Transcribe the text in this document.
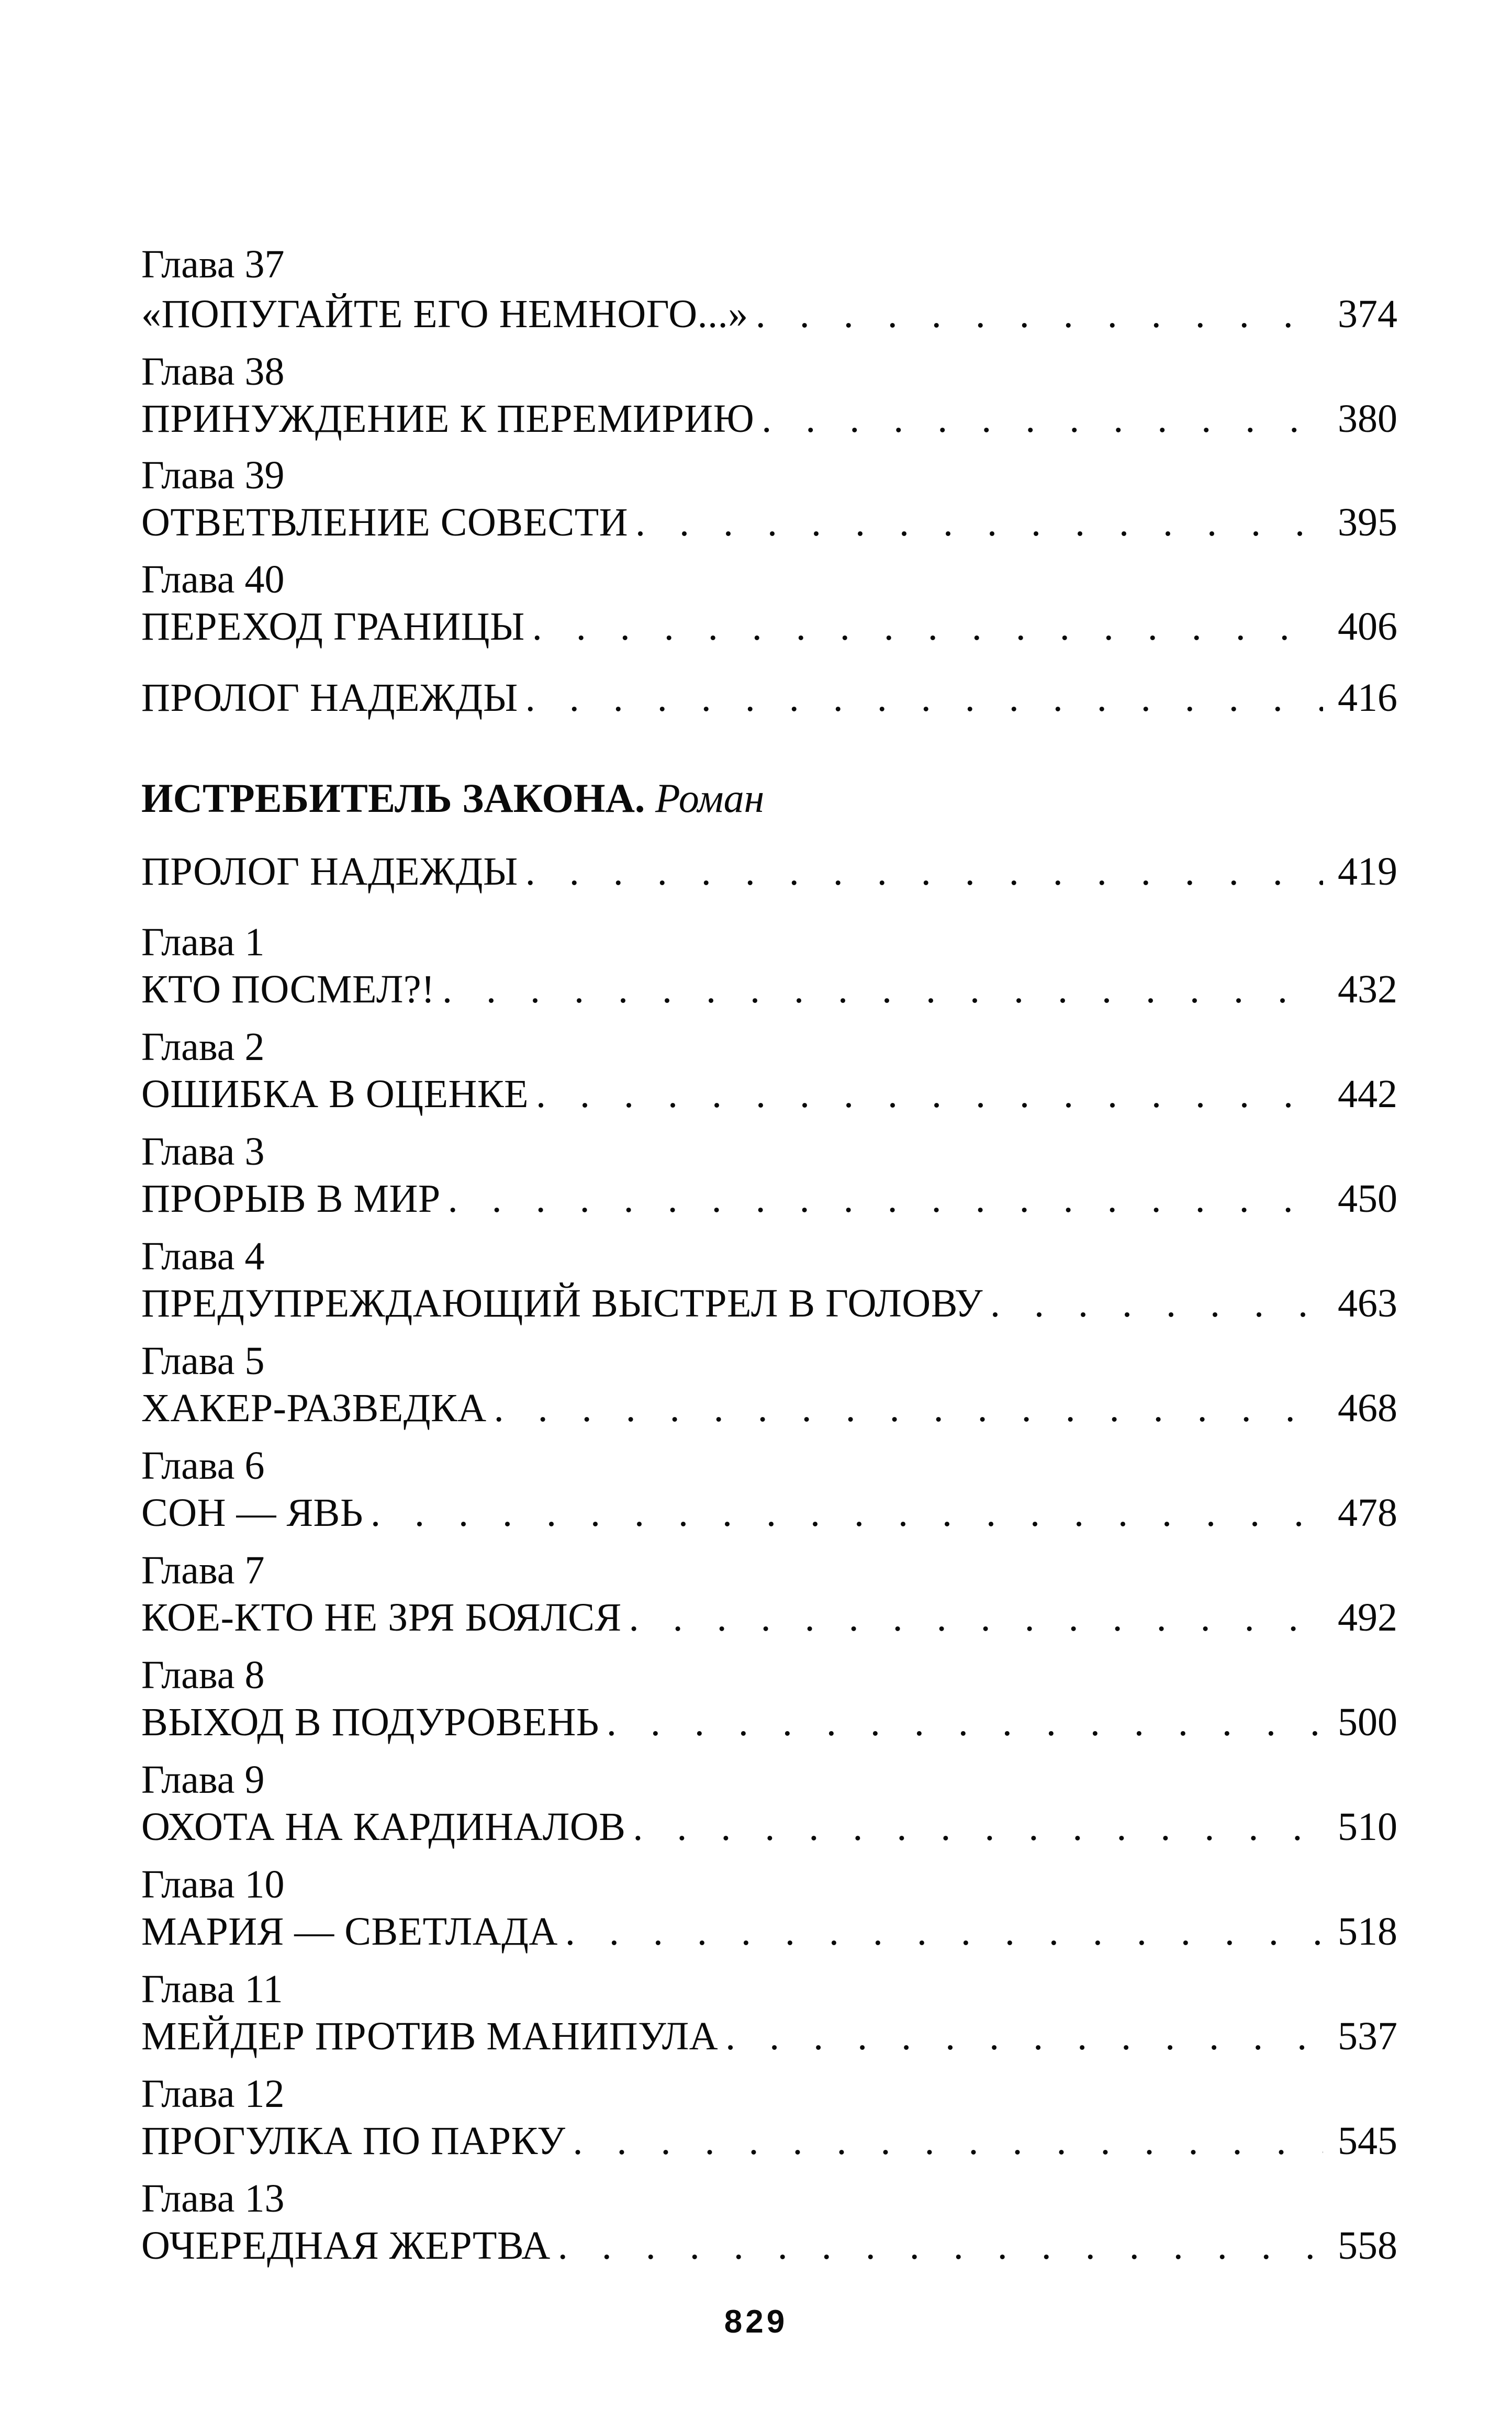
Глава 37
«ПОПУГАЙТЕ ЕГО НЕМНОГО...» . . .	374
Глава 38
ПРИНУЖДЕНИЕ К ПЕРЕМИРИЮ . . .	380
Глава 39
ОТВЕТВЛЕНИЕ СОВЕСТИ . . .	395
Глава 40
ПЕРЕХОД ГРАНИЦЫ . . .	406
ПРОЛОГ НАДЕЖДЫ . . .	416
ИСТРЕБИТЕЛЬ ЗАКОНА. Роман
ПРОЛОГ НАДЕЖДЫ . . .	419
Глава 1
КТО ПОСМЕЛ?! . . .	432
Глава 2
ОШИБКА В ОЦЕНКЕ . . .	442
Глава 3
ПРОРЫВ В МИР . . .	450
Глава 4
ПРЕДУПРЕЖДАЮЩИЙ ВЫСТРЕЛ В ГОЛОВУ . . .	463
Глава 5
ХАКЕР-РАЗВЕДКА . . .	468
Глава 6
СОН — ЯВЬ . . .	478
Глава 7
КОЕ-КТО НЕ ЗРЯ БОЯЛСЯ . . .	492
Глава 8
ВЫХОД В ПОДУРОВЕНЬ . . .	500
Глава 9
ОХОТА НА КАРДИНАЛОВ . . .	510
Глава 10
МАРИЯ — СВЕТЛАДА . . .	518
Глава 11
МЕЙДЕР ПРОТИВ МАНИПУЛА . . .	537
Глава 12
ПРОГУЛКА ПО ПАРКУ . . .	545
Глава 13
ОЧЕРЕДНАЯ ЖЕРТВА . . .	558
829
